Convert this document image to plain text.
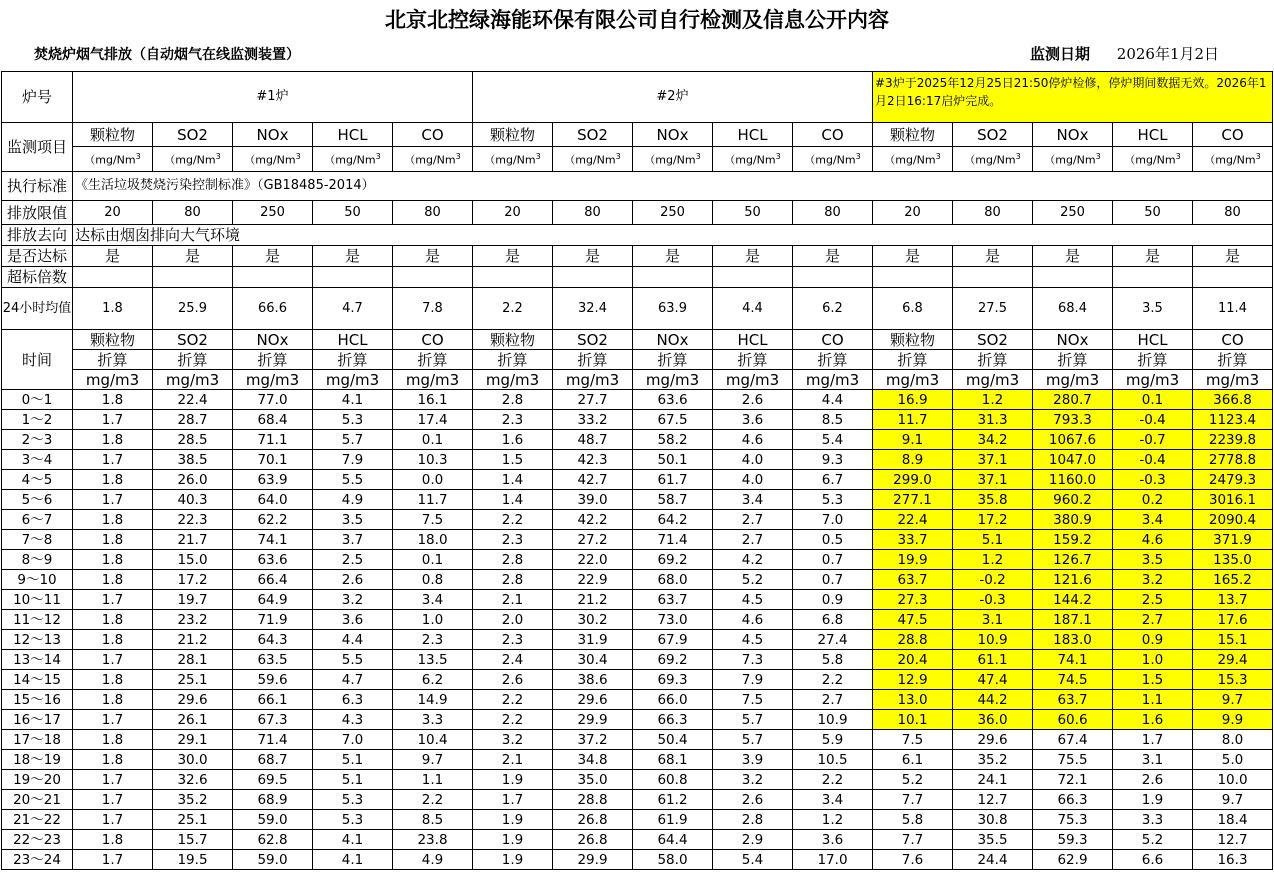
北京北控绿海能环保有限公司自行检测及信息公开内容
焚烧炉烟气排放（自动烟气在线监测装置）	监测日期 2026年1月2日
炉号	#1炉					#2炉					#3炉于2025年12月25日21:50停炉检修，停炉期间数据无效。2026年1月2日16:17启炉完成。				
监测项目	颗粒物	SO2	NOx	HCL	CO	颗粒物	SO2	NOx	HCL	CO	颗粒物	SO2	NOx	HCL	CO
	（mg/Nm$^3$	（mg/Nm$^3$	（mg/Nm$^3$	（mg/Nm$^3$	（mg/Nm$^3$	（mg/Nm$^3$	（mg/Nm$^3$	（mg/Nm$^3$	（mg/Nm$^3$	（mg/Nm$^3$	（mg/Nm$^3$	（mg/Nm$^3$	（mg/Nm$^3$	（mg/Nm$^3$	（mg/Nm$^3$
执行标准	《生活垃圾焚烧污染控制标准》（GB18485-2014）														
排放限值	20	80	250	50	80	20	80	250	50	80	20	80	250	50	80
排放去向	达标由烟囱排向大气环境														
是否达标	是	是	是	是	是	是	是	是	是	是	是	是	是	是	是
超标倍数															
24小时均值	1.8	25.9	66.6	4.7	7.8	2.2	32.4	63.9	4.4	6.2	6.8	27.5	68.4	3.5	11.4
时间	颗粒物	SO2	NOx	HCL	CO	颗粒物	SO2	NOx	HCL	CO	颗粒物	SO2	NOx	HCL	CO
	折算	折算	折算	折算	折算	折算	折算	折算	折算	折算	折算	折算	折算	折算	折算
	mg/m3	mg/m3	mg/m3	mg/m3	mg/m3	mg/m3	mg/m3	mg/m3	mg/m3	mg/m3	mg/m3	mg/m3	mg/m3	mg/m3	mg/m3
0～1	1.8	22.4	77.0	4.1	16.1	2.8	27.7	63.6	2.6	4.4	16.9	1.2	280.7	0.1	366.8
1～2	1.7	28.7	68.4	5.3	17.4	2.3	33.2	67.5	3.6	8.5	11.7	31.3	793.3	-0.4	1123.4
2～3	1.8	28.5	71.1	5.7	0.1	1.6	48.7	58.2	4.6	5.4	9.1	34.2	1067.6	-0.7	2239.8
3～4	1.7	38.5	70.1	7.9	10.3	1.5	42.3	50.1	4.0	9.3	8.9	37.1	1047.0	-0.4	2778.8
4～5	1.8	26.0	63.9	5.5	0.0	1.4	42.7	61.7	4.0	6.7	299.0	37.1	1160.0	-0.3	2479.3
5～6	1.7	40.3	64.0	4.9	11.7	1.4	39.0	58.7	3.4	5.3	277.1	35.8	960.2	0.2	3016.1
6～7	1.8	22.3	62.2	3.5	7.5	2.2	42.2	64.2	2.7	7.0	22.4	17.2	380.9	3.4	2090.4
7～8	1.8	21.7	74.1	3.7	18.0	2.3	27.2	71.4	2.7	0.5	33.7	5.1	159.2	4.6	371.9
8～9	1.8	15.0	63.6	2.5	0.1	2.8	22.0	69.2	4.2	0.7	19.9	1.2	126.7	3.5	135.0
9～10	1.8	17.2	66.4	2.6	0.8	2.8	22.9	68.0	5.2	0.7	63.7	-0.2	121.6	3.2	165.2
10～11	1.7	19.7	64.9	3.2	3.4	2.1	21.2	63.7	4.5	0.9	27.3	-0.3	144.2	2.5	13.7
11～12	1.8	23.2	71.9	3.6	1.0	2.0	30.2	73.0	4.6	6.8	47.5	3.1	187.1	2.7	17.6
12～13	1.8	21.2	64.3	4.4	2.3	2.3	31.9	67.9	4.5	27.4	28.8	10.9	183.0	0.9	15.1
13～14	1.7	28.1	63.5	5.5	13.5	2.4	30.4	69.2	7.3	5.8	20.4	61.1	74.1	1.0	29.4
14～15	1.8	25.1	59.6	4.7	6.2	2.6	38.6	69.3	7.9	2.2	12.9	47.4	74.5	1.5	15.3
15～16	1.8	29.6	66.1	6.3	14.9	2.2	29.6	66.0	7.5	2.7	13.0	44.2	63.7	1.1	9.7
16～17	1.7	26.1	67.3	4.3	3.3	2.2	29.9	66.3	5.7	10.9	10.1	36.0	60.6	1.6	9.9
17～18	1.8	29.1	71.4	7.0	10.4	3.2	37.2	50.4	5.7	5.9	7.5	29.6	67.4	1.7	8.0
18～19	1.8	30.0	68.7	5.1	9.7	2.1	34.8	68.1	3.9	10.5	6.1	35.2	75.5	3.1	5.0
19～20	1.7	32.6	69.5	5.1	1.1	1.9	35.0	60.8	3.2	2.2	5.2	24.1	72.1	2.6	10.0
20～21	1.7	35.2	68.9	5.3	2.2	1.7	28.8	61.2	2.6	3.4	7.7	12.7	66.3	1.9	9.7
21～22	1.7	25.1	59.0	5.3	8.5	1.9	26.8	61.9	2.8	1.2	5.8	30.8	75.3	3.3	18.4
22～23	1.8	15.7	62.8	4.1	23.8	1.9	26.8	64.4	2.9	3.6	7.7	35.5	59.3	5.2	12.7
23～24	1.7	19.5	59.0	4.1	4.9	1.9	29.9	58.0	5.4	17.0	7.6	24.4	62.9	6.6	16.3
